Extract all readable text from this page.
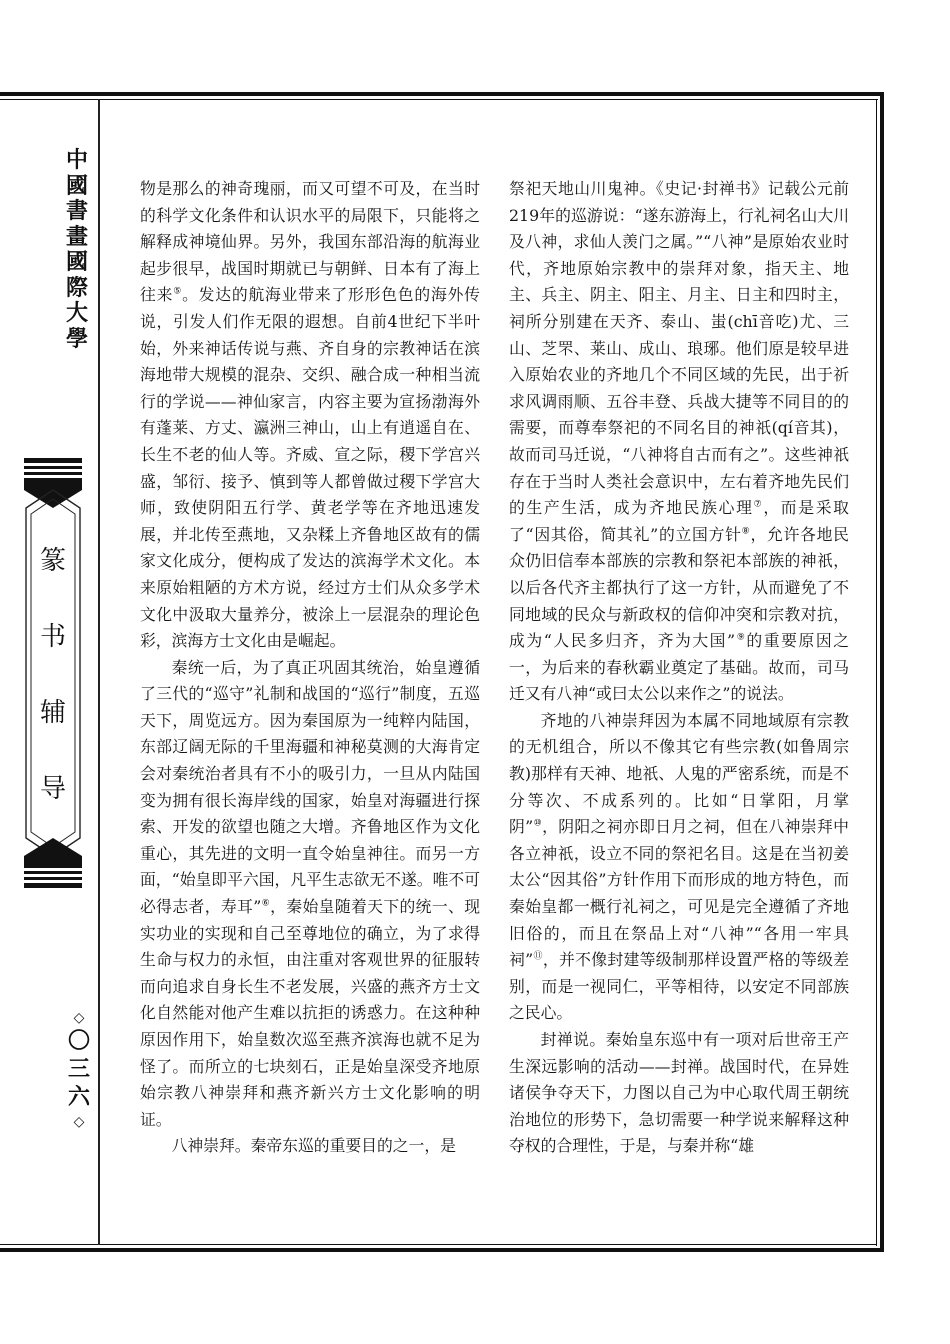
中
國
書
畫
國
際
大
學
篆
书
辅
导
◇
〇
三
六
◇

物是那么的神奇瑰丽，而又可望不可及，在当时的科学文化条件和认识水平的局限下，只能将之解释成神境仙界。另外，我国东部沿海的航海业起步很早，战国时期就已与朝鲜、日本有了海上往来⑤。发达的航海业带来了形形色色的海外传说，引发人们作无限的遐想。自前4世纪下半叶始，外来神话传说与燕、齐自身的宗教神话在滨海地带大规模的混杂、交织、融合成一种相当流行的学说——神仙家言，内容主要为宣扬渤海外有蓬莱、方丈、瀛洲三神山，山上有逍遥自在、长生不老的仙人等。齐威、宣之际，稷下学宫兴盛，邹衍、接予、慎到等人都曾做过稷下学宫大师，致使阴阳五行学、黄老学等在齐地迅速发展，并北传至燕地，又杂糅上齐鲁地区故有的儒家文化成分，便构成了发达的滨海学术文化。本来原始粗陋的方术方说，经过方士们从众多学术文化中汲取大量养分，被涂上一层混杂的理论色彩，滨海方士文化由是崛起。

秦统一后，为了真正巩固其统治，始皇遵循了三代的“巡守”礼制和战国的“巡行”制度，五巡天下，周览远方。因为秦国原为一纯粹内陆国，东部辽阔无际的千里海疆和神秘莫测的大海肯定会对秦统治者具有不小的吸引力，一旦从内陆国变为拥有很长海岸线的国家，始皇对海疆进行探索、开发的欲望也随之大增。齐鲁地区作为文化重心，其先进的文明一直令始皇神往。而另一方面，“始皇即平六国，凡平生志欲无不遂。唯不可必得志者，寿耳”⑥，秦始皇随着天下的统一、现实功业的实现和自己至尊地位的确立，为了求得生命与权力的永恒，由注重对客观世界的征服转而向追求自身长生不老发展，兴盛的燕齐方士文化自然能对他产生难以抗拒的诱惑力。在这种种原因作用下，始皇数次巡至燕齐滨海也就不足为怪了。而所立的七块刻石，正是始皇深受齐地原始宗教八神崇拜和燕齐新兴方士文化影响的明证。

八神崇拜。秦帝东巡的重要目的之一，是

祭祀天地山川鬼神。《史记·封禅书》记载公元前219年的巡游说：“遂东游海上，行礼祠名山大川及八神，求仙人羡门之属。”“八神”是原始农业时代，齐地原始宗教中的崇拜对象，指天主、地主、兵主、阴主、阳主、月主、日主和四时主，祠所分别建在天齐、泰山、蚩(chī音吃)尤、三山、芝罘、莱山、成山、琅琊。他们原是较早进入原始农业的齐地几个不同区域的先民，出于祈求风调雨顺、五谷丰登、兵战大捷等不同目的的需要，而尊奉祭祀的不同名目的神祇(qí音其)，故而司马迁说，“八神将自古而有之”。这些神祇存在于当时人类社会意识中，左右着齐地先民们的生产生活，成为齐地民族心理⑦，而是采取了“因其俗，简其礼”的立国方针⑧，允许各地民众仍旧信奉本部族的宗教和祭祀本部族的神祇，以后各代齐主都执行了这一方针，从而避免了不同地域的民众与新政权的信仰冲突和宗教对抗，成为“人民多归齐，齐为大国”⑨的重要原因之一，为后来的春秋霸业奠定了基础。故而，司马迁又有八神“或曰太公以来作之”的说法。

齐地的八神崇拜因为本属不同地域原有宗教的无机组合，所以不像其它有些宗教(如鲁周宗教)那样有天神、地祇、人鬼的严密系统，而是不分等次、不成系列的。比如“日掌阳，月掌阴”⑩，阴阳之祠亦即日月之祠，但在八神崇拜中各立神祇，设立不同的祭祀名目。这是在当初姜太公“因其俗”方针作用下而形成的地方特色，而秦始皇都一概行礼祠之，可见是完全遵循了齐地旧俗的，而且在祭品上对“八神”“各用一牢具祠”⑪，并不像封建等级制那样设置严格的等级差别，而是一视同仁，平等相待，以安定不同部族之民心。

封禅说。秦始皇东巡中有一项对后世帝王产生深远影响的活动——封禅。战国时代，在异姓诸侯争夺天下，力图以自己为中心取代周王朝统治地位的形势下，急切需要一种学说来解释这种夺权的合理性，于是，与秦并称“雄
